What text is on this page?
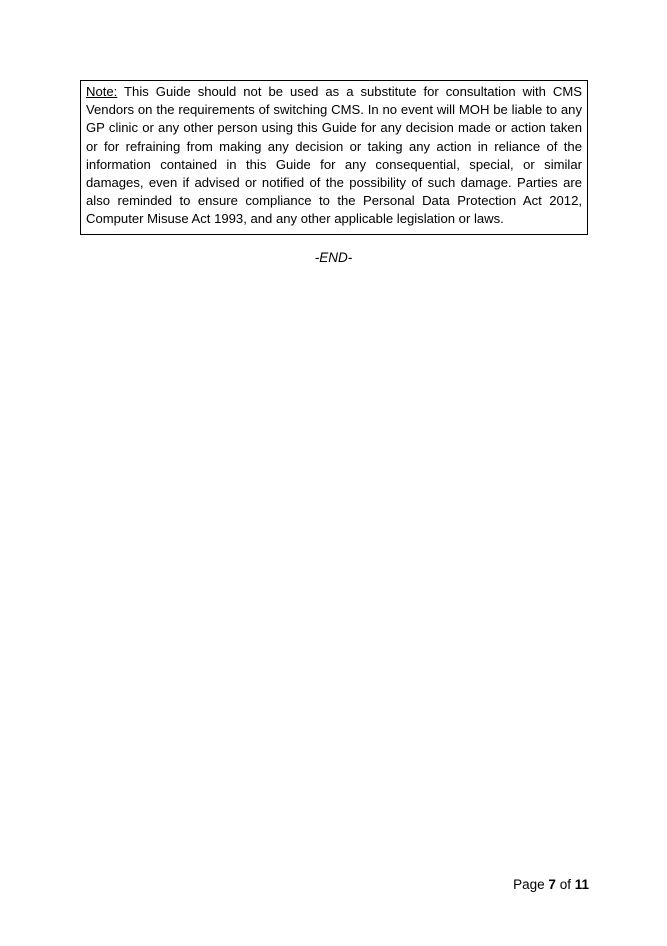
Note: This Guide should not be used as a substitute for consultation with CMS Vendors on the requirements of switching CMS. In no event will MOH be liable to any GP clinic or any other person using this Guide for any decision made or action taken or for refraining from making any decision or taking any action in reliance of the information contained in this Guide for any consequential, special, or similar damages, even if advised or notified of the possibility of such damage. Parties are also reminded to ensure compliance to the Personal Data Protection Act 2012, Computer Misuse Act 1993, and any other applicable legislation or laws.
-END-
Page 7 of 11
